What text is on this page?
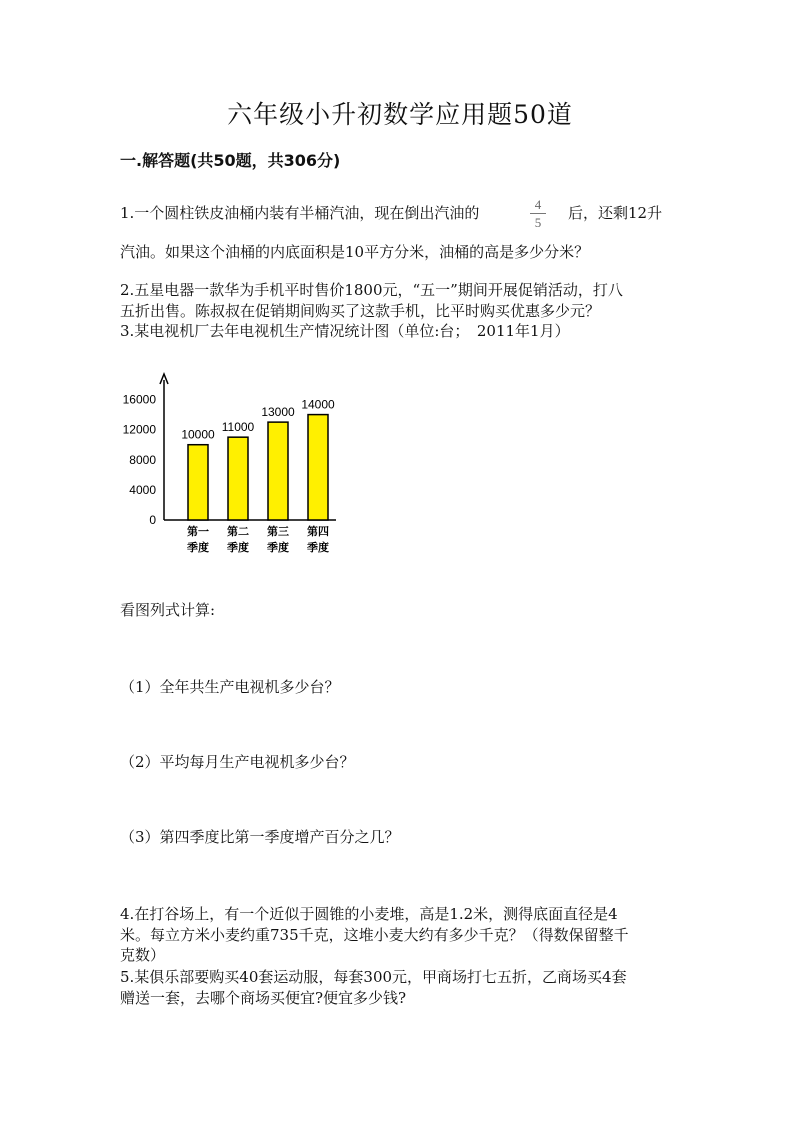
六年级小升初数学应用题50道
一.解答题(共50题，共306分)
1.一个圆柱铁皮油桶内装有半桶汽油，现在倒出汽油的	4
5
后，还剩12升
汽油。如果这个油桶的内底面积是10平方分米，油桶的高是多少分米？
2.五星电器一款华为手机平时售价1800元，“五一”期间开展促销活动，打八
五折出售。陈叔叔在促销期间购买了这款手机，比平时购买优惠多少元？
3.某电视机厂去年电视机生产情况统计图（单位:台；　2011年1月）
0
4000
8000
12000
16000
10000
第一
季度
11000
第二
季度
13000
第三
季度
14000
第四
季度
看图列式计算:
（1）全年共生产电视机多少台？
（2）平均每月生产电视机多少台？
（3）第四季度比第一季度增产百分之几？
4.在打谷场上，有一个近似于圆锥的小麦堆，高是1.2米，测得底面直径是4
米。每立方米小麦约重735千克，这堆小麦大约有多少千克？（得数保留整千
克数）
5.某俱乐部要购买40套运动服，每套300元，甲商场打七五折，乙商场买4套
赠送一套，去哪个商场买便宜?便宜多少钱?
